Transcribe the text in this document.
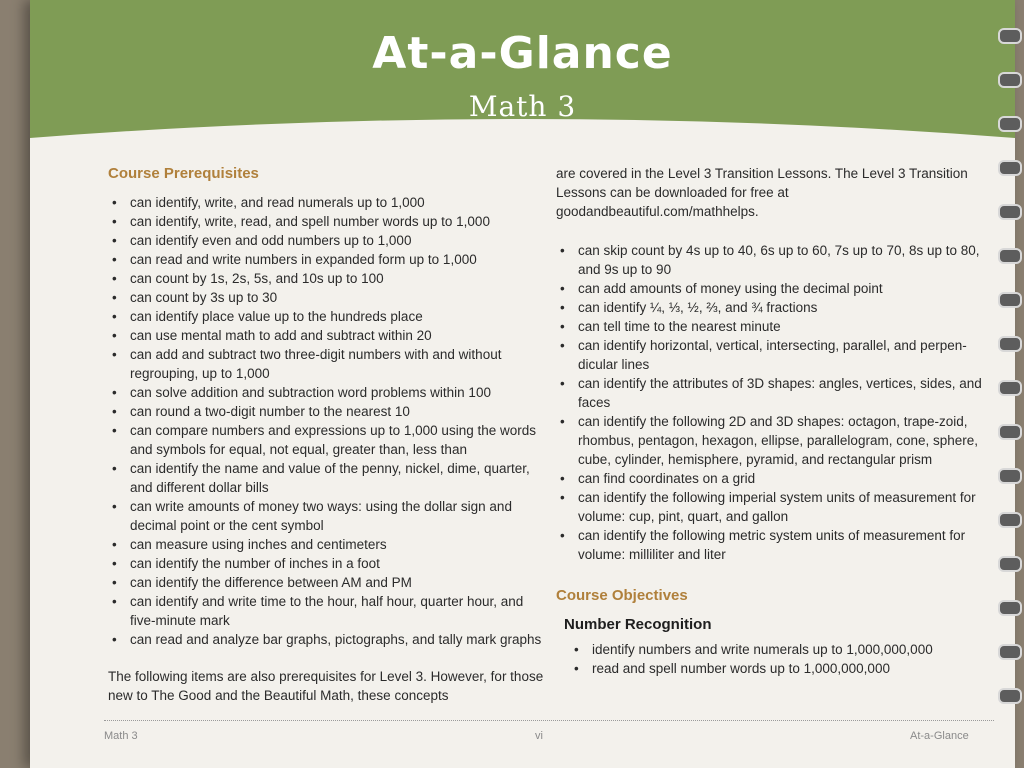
At-a-Glance
Math 3
Course Prerequisites
• can identify, write, and read numerals up to 1,000
• can identify, write, read, and spell number words up to 1,000
• can identify even and odd numbers up to 1,000
• can read and write numbers in expanded form up to 1,000
• can count by 1s, 2s, 5s, and 10s up to 100
• can count by 3s up to 30
• can identify place value up to the hundreds place
• can use mental math to add and subtract within 20
• can add and subtract two three-digit numbers with and without regrouping, up to 1,000
• can solve addition and subtraction word problems within 100
• can round a two-digit number to the nearest 10
• can compare numbers and expressions up to 1,000 using the words and symbols for equal, not equal, greater than, less than
• can identify the name and value of the penny, nickel, dime, quarter, and different dollar bills
• can write amounts of money two ways: using the dollar sign and decimal point or the cent symbol
• can measure using inches and centimeters
• can identify the number of inches in a foot
• can identify the difference between AM and PM
• can identify and write time to the hour, half hour, quarter hour, and five-minute mark
• can read and analyze bar graphs, pictographs, and tally mark graphs

The following items are also prerequisites for Level 3. However, for those new to The Good and the Beautiful Math, these concepts

are covered in the Level 3 Transition Lessons. The Level 3 Transition Lessons can be downloaded for free at goodandbeautiful.com/mathhelps.

• can skip count by 4s up to 40, 6s up to 60, 7s up to 70, 8s up to 80, and 9s up to 90
• can add amounts of money using the decimal point
• can identify ¼, ⅓, ½, ⅔, and ¾ fractions
• can tell time to the nearest minute
• can identify horizontal, vertical, intersecting, parallel, and perpen-dicular lines
• can identify the attributes of 3D shapes: angles, vertices, sides, and faces
• can identify the following 2D and 3D shapes: octagon, trape-zoid, rhombus, pentagon, hexagon, ellipse, parallelogram, cone, sphere, cube, cylinder, hemisphere, pyramid, and rectangular prism
• can find coordinates on a grid
• can identify the following imperial system units of measurement for volume: cup, pint, quart, and gallon
• can identify the following metric system units of measurement for volume: milliliter and liter
Course Objectives
Number Recognition
• identify numbers and write numerals up to 1,000,000,000
• read and spell number words up to 1,000,000,000
Math 3	vi	At-a-Glance
